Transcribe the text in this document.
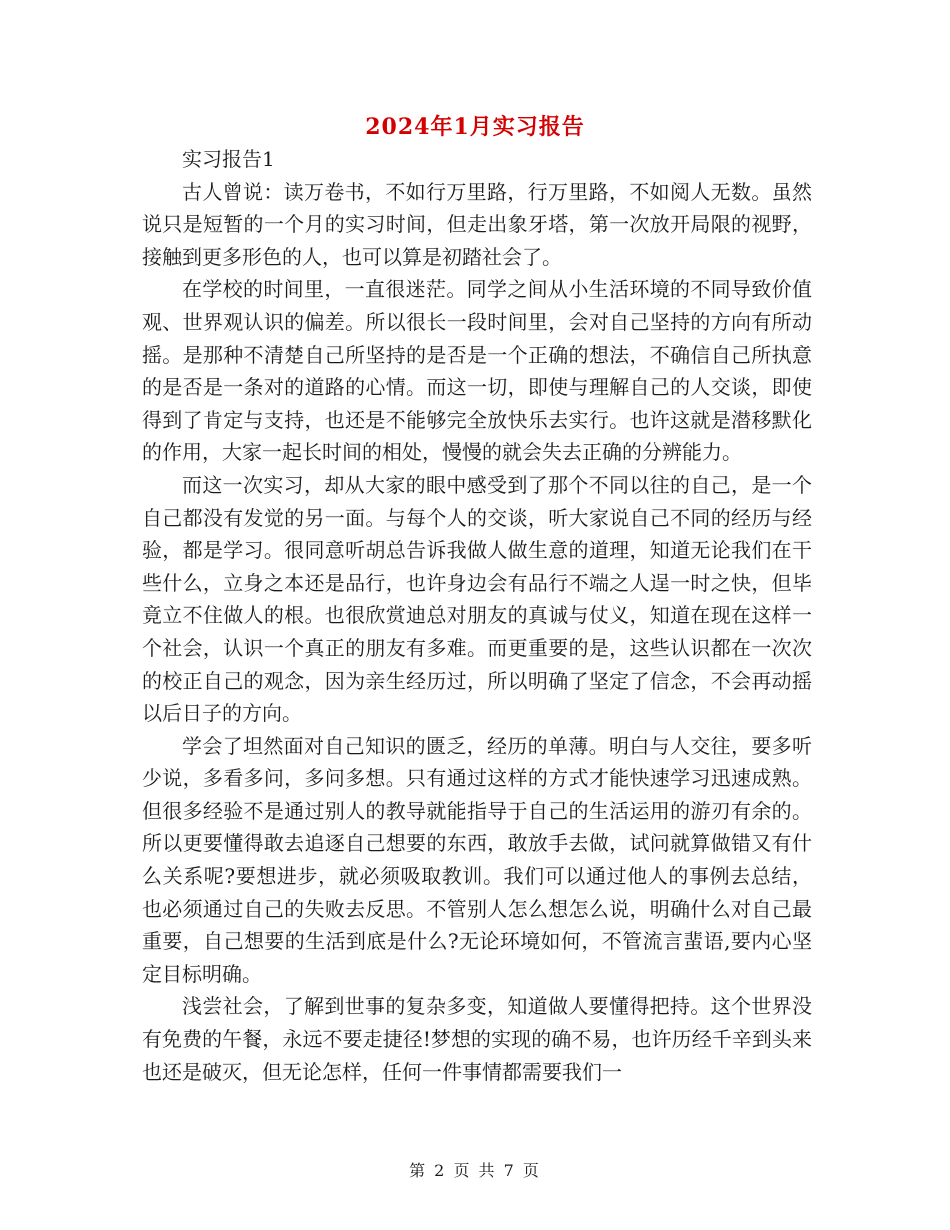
2024年1月实习报告

实习报告1

古人曾说：读万卷书，不如行万里路，行万里路，不如阅人无数。虽然说只是短暂的一个月的实习时间，但走出象牙塔，第一次放开局限的视野，接触到更多形色的人，也可以算是初踏社会了。

在学校的时间里，一直很迷茫。同学之间从小生活环境的不同导致价值观、世界观认识的偏差。所以很长一段时间里，会对自己坚持的方向有所动摇。是那种不清楚自己所坚持的是否是一个正确的想法，不确信自己所执意的是否是一条对的道路的心情。而这一切，即使与理解自己的人交谈，即使得到了肯定与支持，也还是不能够完全放快乐去实行。也许这就是潜移默化的作用，大家一起长时间的相处，慢慢的就会失去正确的分辨能力。

而这一次实习，却从大家的眼中感受到了那个不同以往的自己，是一个自己都没有发觉的另一面。与每个人的交谈，听大家说自己不同的经历与经验，都是学习。很同意听胡总告诉我做人做生意的道理，知道无论我们在干些什么，立身之本还是品行，也许身边会有品行不端之人逞一时之快，但毕竟立不住做人的根。也很欣赏迪总对朋友的真诚与仗义，知道在现在这样一个社会，认识一个真正的朋友有多难。而更重要的是，这些认识都在一次次的校正自己的观念，因为亲生经历过，所以明确了坚定了信念，不会再动摇以后日子的方向。

学会了坦然面对自己知识的匮乏，经历的单薄。明白与人交往，要多听少说，多看多问，多问多想。只有通过这样的方式才能快速学习迅速成熟。但很多经验不是通过别人的教导就能指导于自己的生活运用的游刃有余的。所以更要懂得敢去追逐自己想要的东西，敢放手去做，试问就算做错又有什么关系呢?要想进步，就必须吸取教训。我们可以通过他人的事例去总结，也必须通过自己的失败去反思。不管别人怎么想怎么说，明确什么对自己最重要，自己想要的生活到底是什么?无论环境如何，不管流言蜚语,要内心坚定目标明确。

浅尝社会，了解到世事的复杂多变，知道做人要懂得把持。这个世界没有免费的午餐，永远不要走捷径!梦想的实现的确不易，也许历经千辛到头来也还是破灭，但无论怎样，任何一件事情都需要我们一

第 2 页 共 7 页
